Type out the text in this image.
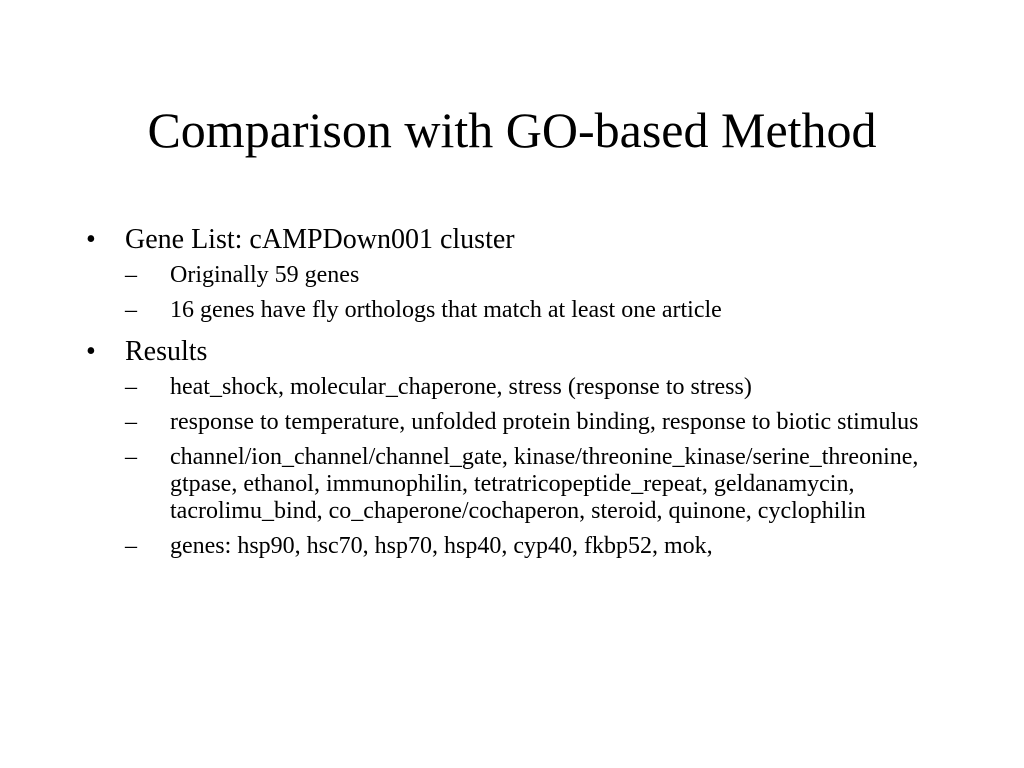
Comparison with GO-based Method
•	Gene List: cAMPDown001 cluster
–	Originally 59 genes
–	16 genes have fly orthologs that match at least one article
•	Results
–	heat_shock, molecular_chaperone, stress (response to stress)
–	response to temperature, unfolded protein binding, response to biotic stimulus
–	channel/ion_channel/channel_gate, kinase/threonine_kinase/serine_threonine, gtpase, ethanol, immunophilin, tetratricopeptide_repeat, geldanamycin, tacrolimu_bind, co_chaperone/cochaperon, steroid, quinone, cyclophilin
–	genes: hsp90, hsc70, hsp70, hsp40, cyp40, fkbp52, mok,
